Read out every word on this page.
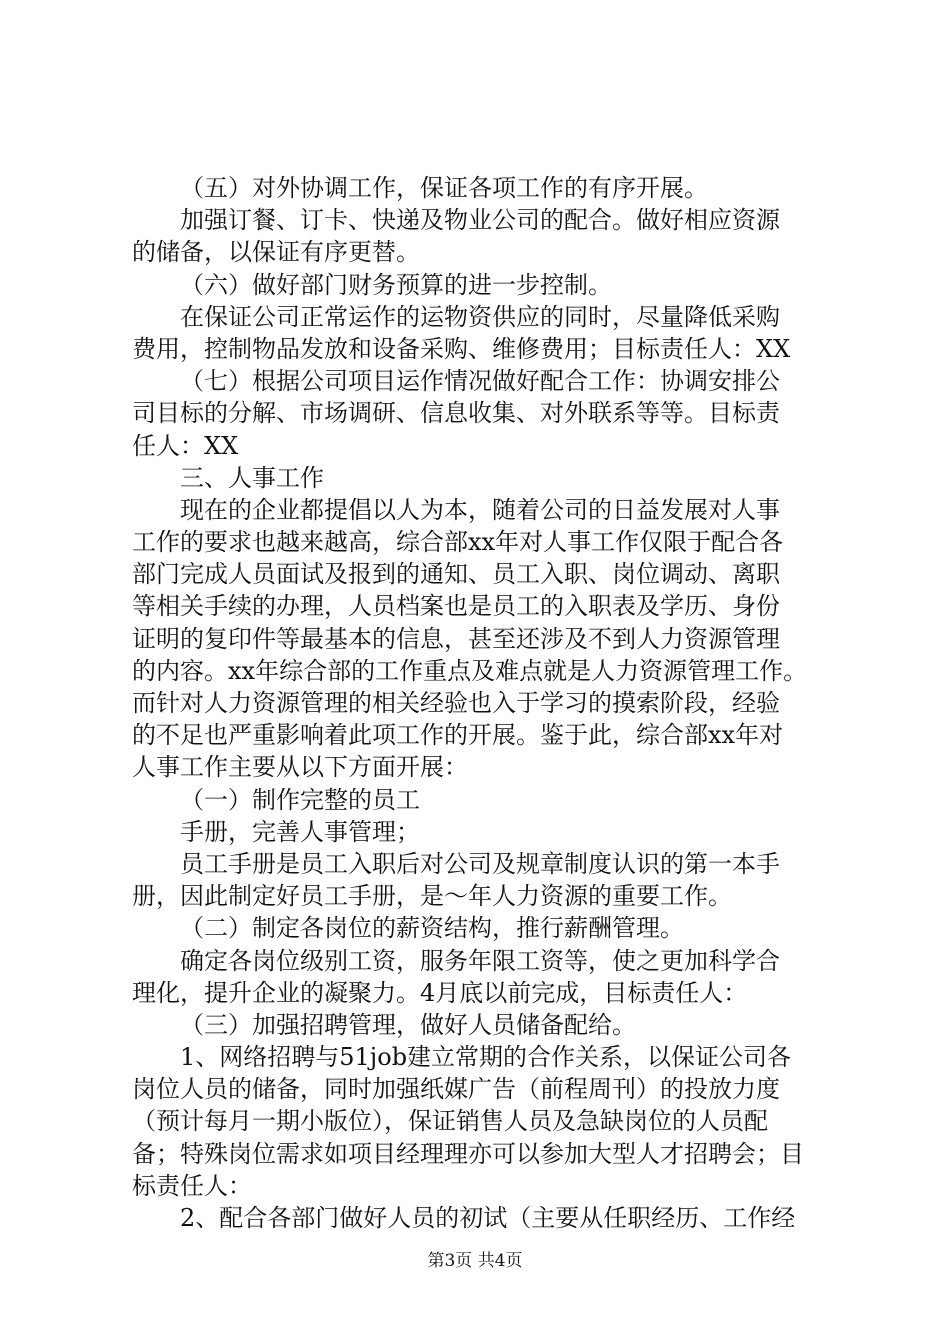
（五）对外协调工作，保证各项工作的有序开展。
加强订餐、订卡、快递及物业公司的配合。做好相应资源
的储备，以保证有序更替。
（六）做好部门财务预算的进一步控制。
在保证公司正常运作的运物资供应的同时，尽量降低采购
费用，控制物品发放和设备采购、维修费用；目标责任人：XX
（七）根据公司项目运作情况做好配合工作：协调安排公
司目标的分解、市场调研、信息收集、对外联系等等。目标责
任人：XX
三、人事工作
现在的企业都提倡以人为本，随着公司的日益发展对人事
工作的要求也越来越高，综合部xx年对人事工作仅限于配合各
部门完成人员面试及报到的通知、员工入职、岗位调动、离职
等相关手续的办理，人员档案也是员工的入职表及学历、身份
证明的复印件等最基本的信息，甚至还涉及不到人力资源管理
的内容。xx年综合部的工作重点及难点就是人力资源管理工作。
而针对人力资源管理的相关经验也入于学习的摸索阶段，经验
的不足也严重影响着此项工作的开展。鉴于此，综合部xx年对
人事工作主要从以下方面开展：
（一）制作完整的员工
手册，完善人事管理；
员工手册是员工入职后对公司及规章制度认识的第一本手
册，因此制定好员工手册，是～年人力资源的重要工作。
（二）制定各岗位的薪资结构，推行薪酬管理。
确定各岗位级别工资，服务年限工资等，使之更加科学合
理化，提升企业的凝聚力。4月底以前完成，目标责任人：
（三）加强招聘管理，做好人员储备配给。
1、网络招聘与51job建立常期的合作关系，以保证公司各
岗位人员的储备，同时加强纸媒广告（前程周刊）的投放力度
（预计每月一期小版位），保证销售人员及急缺岗位的人员配
备；特殊岗位需求如项目经理理亦可以参加大型人才招聘会；目
标责任人：
2、配合各部门做好人员的初试（主要从任职经历、工作经
第3页 共4页
